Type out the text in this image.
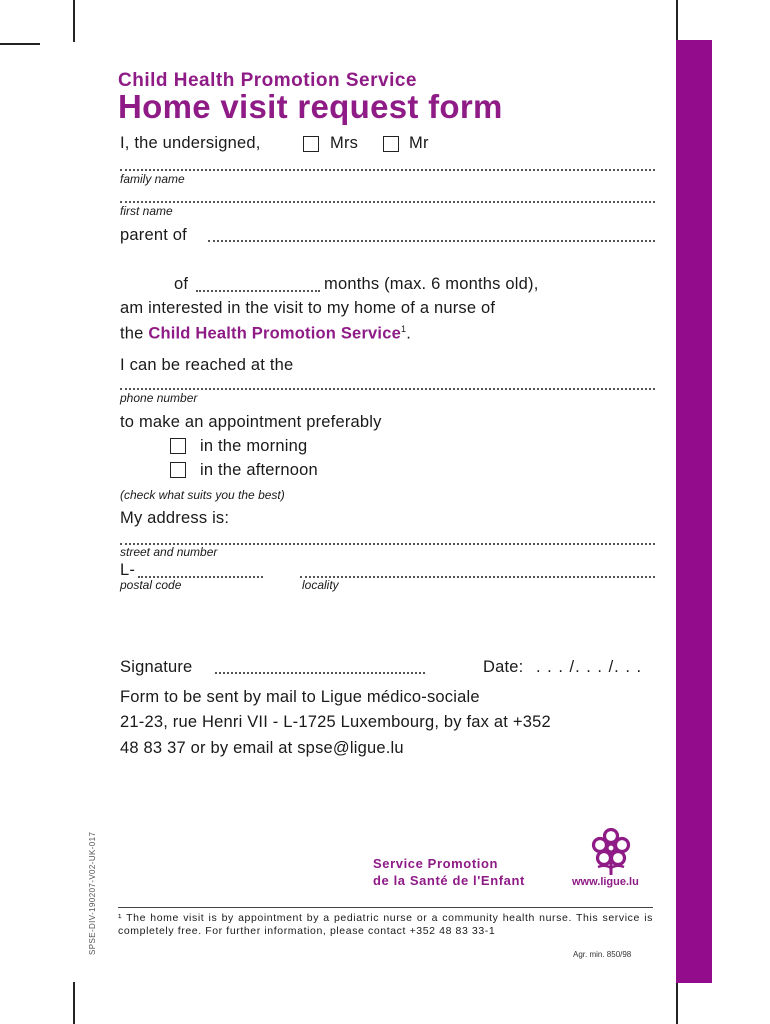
Child Health Promotion Service
Home visit request form
I, the undersigned,	Mrs	Mr
family name
first name
parent of
of	months (max. 6 months old),
am interested in the visit to my home of a nurse of
the Child Health Promotion Service$^1$.
I can be reached at the
phone number
to make an appointment preferably
in the morning
in the afternoon
(check what suits you the best)
My address is:
street and number
L-
postal code	locality
Signature	Date: . . . /. . . /. . .
Form to be sent by mail to Ligue médico-sociale
21-23, rue Henri VII - L-1725 Luxembourg, by fax at +352
48 83 37 or by email at spse@ligue.lu
SPSE-DIV-190207-V02-UK-017	Service Promotion
de la Santé de l'Enfant	www.ligue.lu
¹ The home visit is by appointment by a pediatric nurse or a community health nurse. This service is completely free. For further information, please contact +352 48 83 33-1
Agr. min. 850/98
